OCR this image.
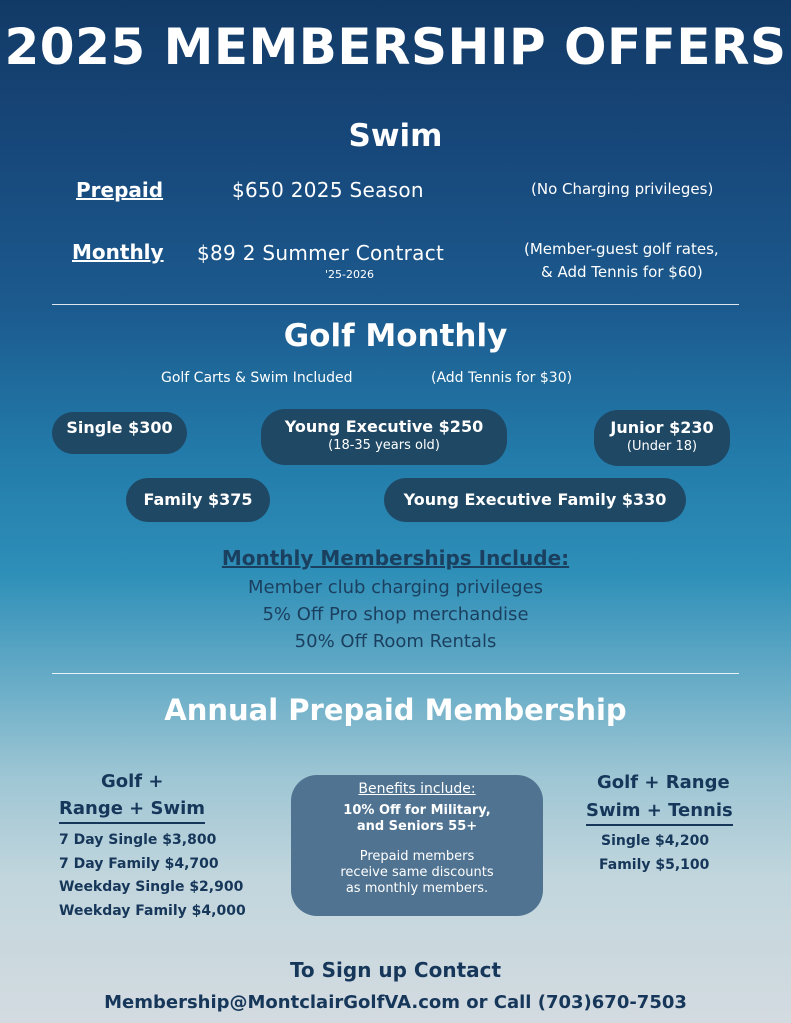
2025 MEMBERSHIP OFFERS
Swim
Prepaid	$650 2025 Season	(No Charging privileges)
Monthly $89 2 Summer Contract
'25-2026
(Member-guest golf rates,
& Add Tennis for $60)
Golf Monthly
Golf Carts & Swim Included	(Add Tennis for $30)
Single $300	Young Executive $250
(18-35 years old)
Junior $230
(Under 18)
Family $375	Young Executive Family $330
Monthly Memberships Include:
Member club charging privileges
5% Off Pro shop merchandise
50% Off Room Rentals
Annual Prepaid Membership
Golf +
Range + Swim
7 Day Single $3,800
7 Day Family $4,700
Weekday Single $2,900
Weekday Family $4,000
Benefits include:
10% Off for Military,
and Seniors 55+
Prepaid members
receive same discounts
as monthly members.
Golf + Range
Swim + Tennis
Single $4,200
Family $5,100
To Sign up Contact
Membership@MontclairGolfVA.com or Call (703)670-7503
